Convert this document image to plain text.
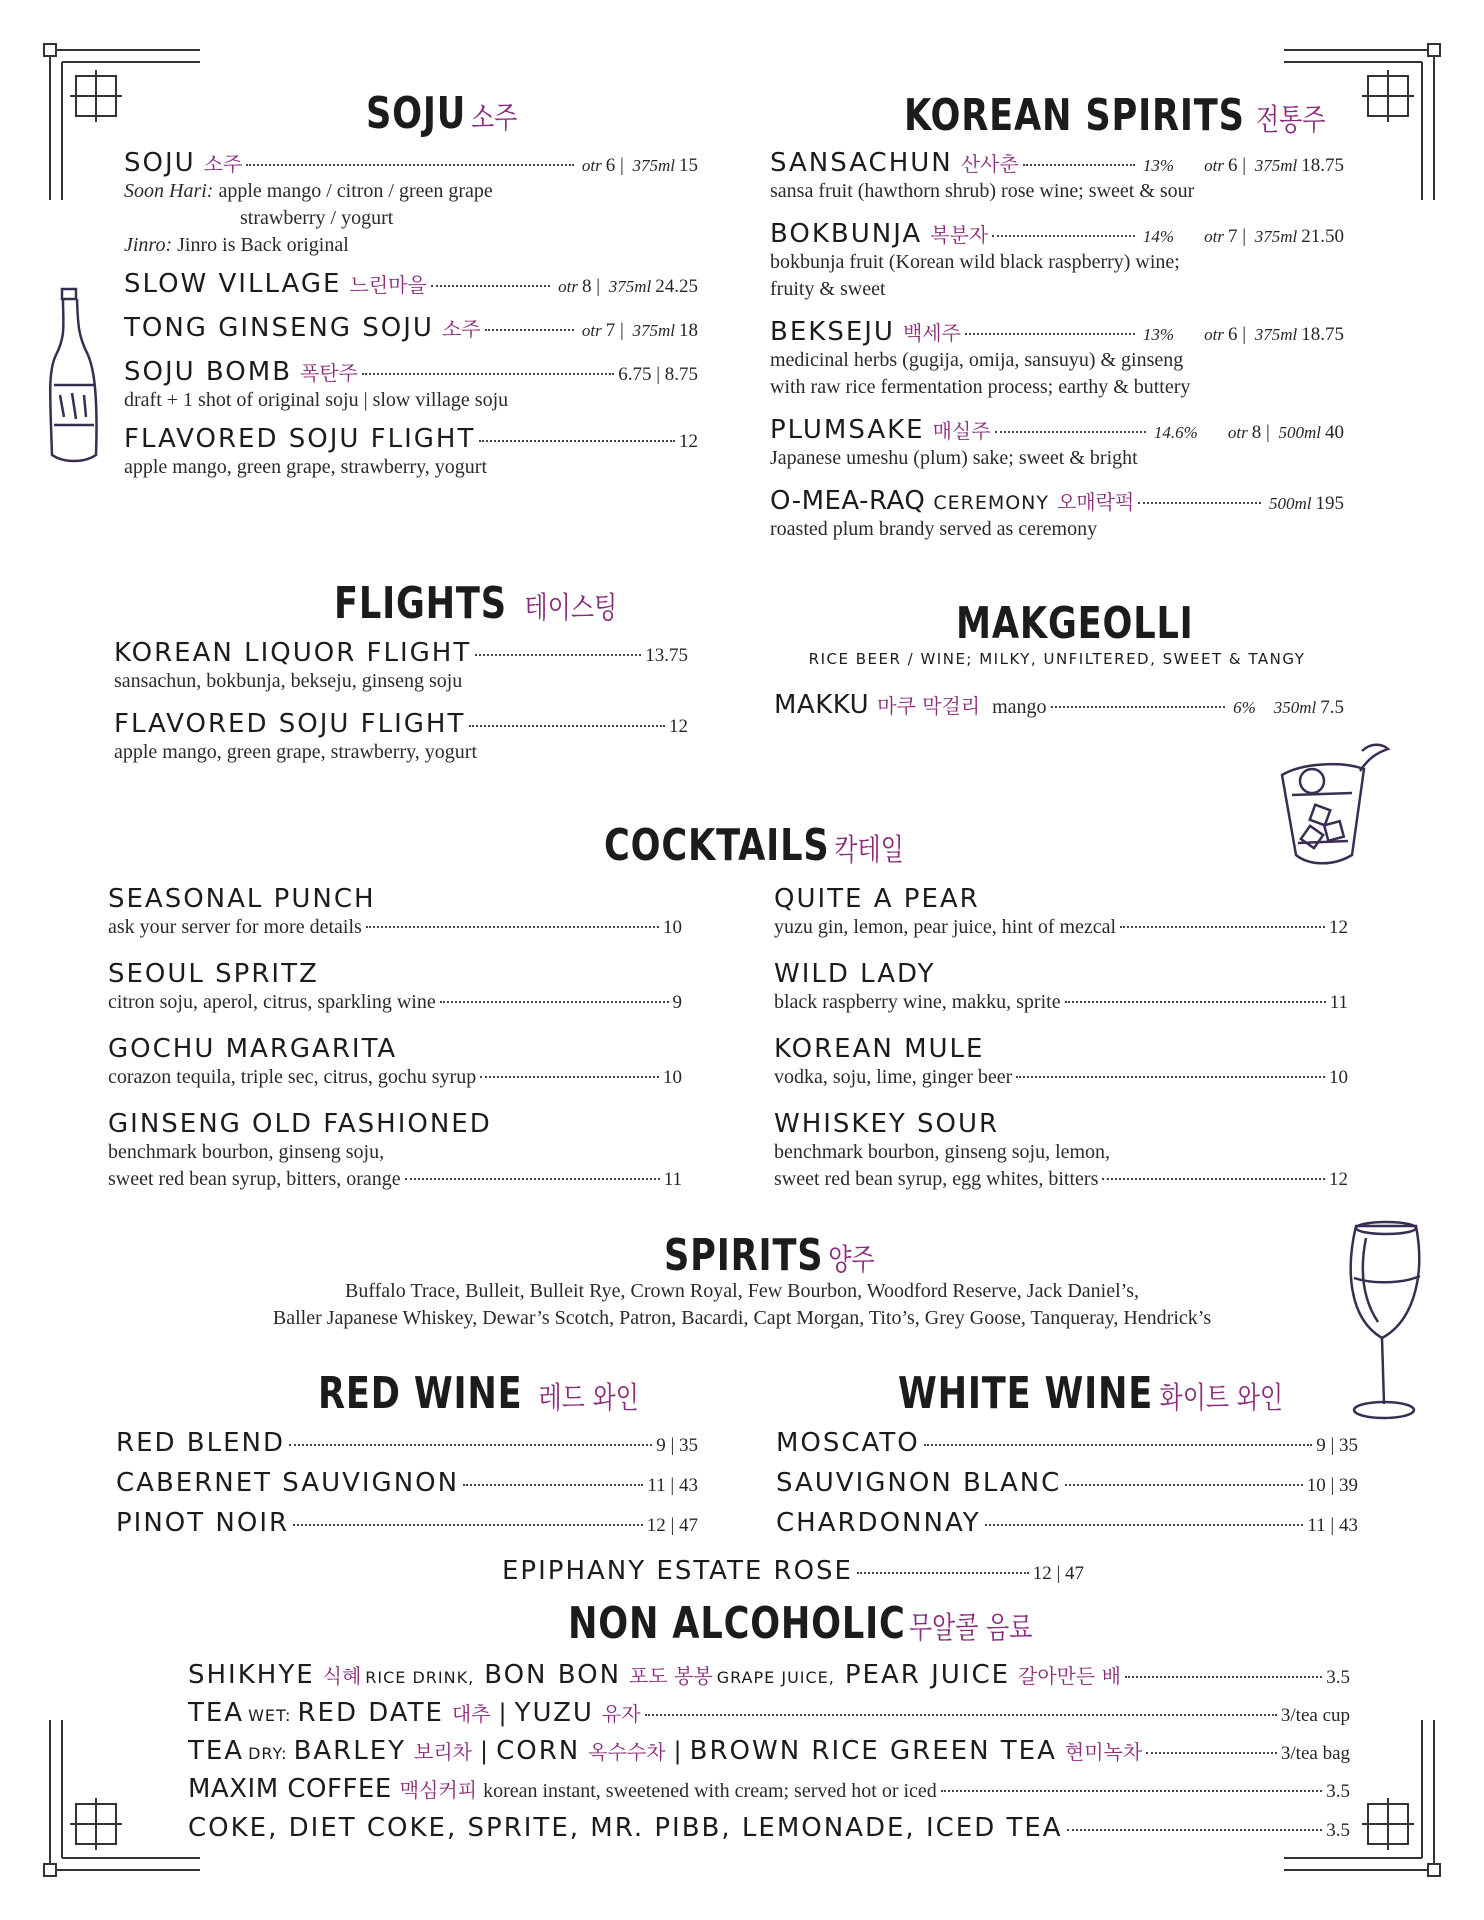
SOJU 소주
SOJU 소주	otr 6 | 375ml 15
Soon Hari: apple mango / citron / green grape
strawberry / yogurt
Jinro: Jinro is Back original
SLOW VILLAGE 느린마을	otr 8 | 375ml 24.25
TONG GINSENG SOJU 소주	otr 7 | 375ml 18
SOJU BOMB 폭탄주	6.75 | 8.75
draft + 1 shot of original soju | slow village soju
FLAVORED SOJU FLIGHT	12
apple mango, green grape, strawberry, yogurt
KOREAN SPIRITS 전통주
SANSACHUN 산사춘	13% otr 6 | 375ml 18.75
sansa fruit (hawthorn shrub) rose wine; sweet & sour
BOKBUNJA 복분자	14% otr 7 | 375ml 21.50
bokbunja fruit (Korean wild black raspberry) wine;
fruity & sweet
BEKSEJU 백세주	13% otr 6 | 375ml 18.75
medicinal herbs (gugija, omija, sansuyu) & ginseng
with raw rice fermentation process; earthy & buttery
PLUMSAKE 매실주	14.6% otr 8 | 500ml 40
Japanese umeshu (plum) sake; sweet & bright
O-MEA-RAQ CEREMONY 오매락퍽	500ml 195
roasted plum brandy served as ceremony
FLIGHTS 테이스팅
KOREAN LIQUOR FLIGHT	13.75
sansachun, bokbunja, bekseju, ginseng soju
FLAVORED SOJU FLIGHT	12
apple mango, green grape, strawberry, yogurt
MAKGEOLLI
RICE BEER / WINE; MILKY, UNFILTERED, SWEET & TANGY
MAKKU 마쿠 막걸리 mango	6% 350ml 7.5
COCKTAILS 칵테일
SEASONAL PUNCH
ask your server for more details	10
SEOUL SPRITZ
citron soju, aperol, citrus, sparkling wine	9
GOCHU MARGARITA
corazon tequila, triple sec, citrus, gochu syrup	10
GINSENG OLD FASHIONED
benchmark bourbon, ginseng soju,
sweet red bean syrup, bitters, orange	11
QUITE A PEAR
yuzu gin, lemon, pear juice, hint of mezcal	12
WILD LADY
black raspberry wine, makku, sprite	11
KOREAN MULE
vodka, soju, lime, ginger beer	10
WHISKEY SOUR
benchmark bourbon, ginseng soju, lemon,
sweet red bean syrup, egg whites, bitters	12
SPIRITS 양주
Buffalo Trace, Bulleit, Bulleit Rye, Crown Royal, Few Bourbon, Woodford Reserve, Jack Daniel’s,
Baller Japanese Whiskey, Dewar’s Scotch, Patron, Bacardi, Capt Morgan, Tito’s, Grey Goose, Tanqueray, Hendrick’s
RED WINE 레드 와인	WHITE WINE 화이트 와인
RED BLEND	9 | 35
CABERNET SAUVIGNON	11 | 43
PINOT NOIR	12 | 47
MOSCATO	9 | 35
SAUVIGNON BLANC	10 | 39
CHARDONNAY	11 | 43
EPIPHANY ESTATE ROSE	12 | 47
NON ALCOHOLIC 무알콜 음료
SHIKHYE 식혜 RICE DRINK, BON BON 포도 봉봉 GRAPE JUICE, PEAR JUICE 갈아만든 배	3.5
TEA WET: RED DATE 대추 | YUZU 유자	3/tea cup
TEA DRY: BARLEY 보리차 | CORN 옥수수차 | BROWN RICE GREEN TEA 현미녹차	3/tea bag
MAXIM COFFEE 맥심커피 korean instant, sweetened with cream; served hot or iced	3.5
COKE, DIET COKE, SPRITE, MR. PIBB, LEMONADE, ICED TEA	3.5
